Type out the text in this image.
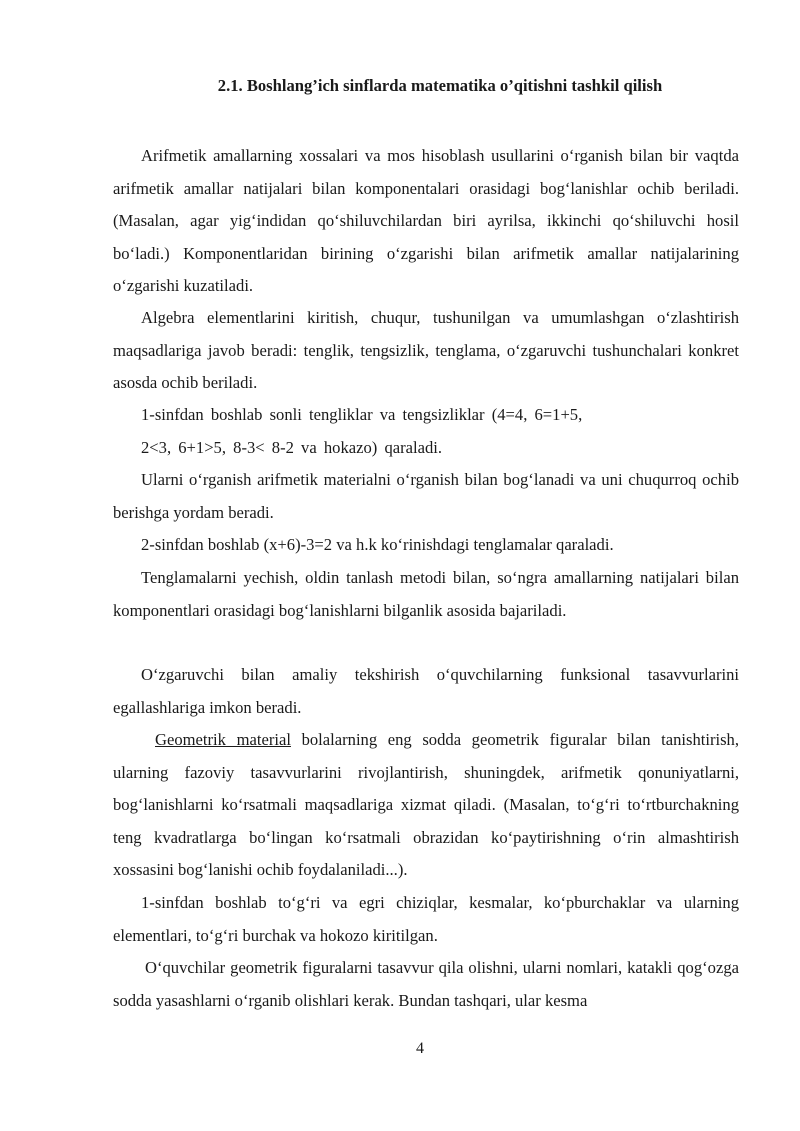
2.1. Boshlang’ich sinflarda matematika o’qitishni tashkil qilish

Arifmetik amallarning xossalari va mos hisoblash usullarini o‘rganish bilan bir vaqtda arifmetik amallar natijalari bilan komponentalari orasidagi bog‘lanishlar ochib beriladi. (Masalan, agar yig‘indidan qo‘shiluvchilardan biri ayrilsa, ikkinchi qo‘shiluvchi hosil bo‘ladi.) Komponentlaridan birining o‘zgarishi bilan arifmetik amallar natijalarining o‘zgarishi kuzatiladi.

Algebra elementlarini kiritish, chuqur, tushunilgan va umumlashgan o‘zlashtirish maqsadlariga javob beradi: tenglik, tengsizlik, tenglama, o‘zgaruvchi tushunchalari konkret asosda ochib beriladi.

1-sinfdan boshlab sonli tengliklar va tengsizliklar (4=4, 6=1+5,
2<3, 6+1>5, 8-3< 8-2 va hokazo) qaraladi.

Ularni o‘rganish arifmetik materialni o‘rganish bilan bog‘lanadi va uni chuqurroq ochib berishga yordam beradi.

2-sinfdan boshlab (x+6)-3=2 va h.k ko‘rinishdagi tenglamalar qaraladi.

Tenglamalarni yechish, oldin tanlash metodi bilan, so‘ngra amallarning natijalari bilan komponentlari orasidagi bog‘lanishlarni bilganlik asosida bajariladi.

O‘zgaruvchi bilan amaliy tekshirish o‘quvchilarning funksional tasavvurlarini egallashlariga imkon beradi.

Geometrik material bolalarning eng sodda geometrik figuralar bilan tanishtirish, ularning fazoviy tasavvurlarini rivojlantirish, shuningdek, arifmetik qonuniyatlarni, bog‘lanishlarni ko‘rsatmali maqsadlariga xizmat qiladi. (Masalan, to‘g‘ri to‘rtburchakning teng kvadratlarga bo‘lingan ko‘rsatmali obrazidan ko‘paytirishning o‘rin almashtirish xossasini bog‘lanishi ochib foydalaniladi...).

1-sinfdan boshlab to‘g‘ri va egri chiziqlar, kesmalar, ko‘pburchaklar va ularning elementlari, to‘g‘ri burchak va hokozo kiritilgan.

O‘quvchilar geometrik figuralarni tasavvur qila olishni, ularni nomlari, katakli qog‘ozga sodda yasashlarni o‘rganib olishlari kerak. Bundan tashqari, ular kesma

4
